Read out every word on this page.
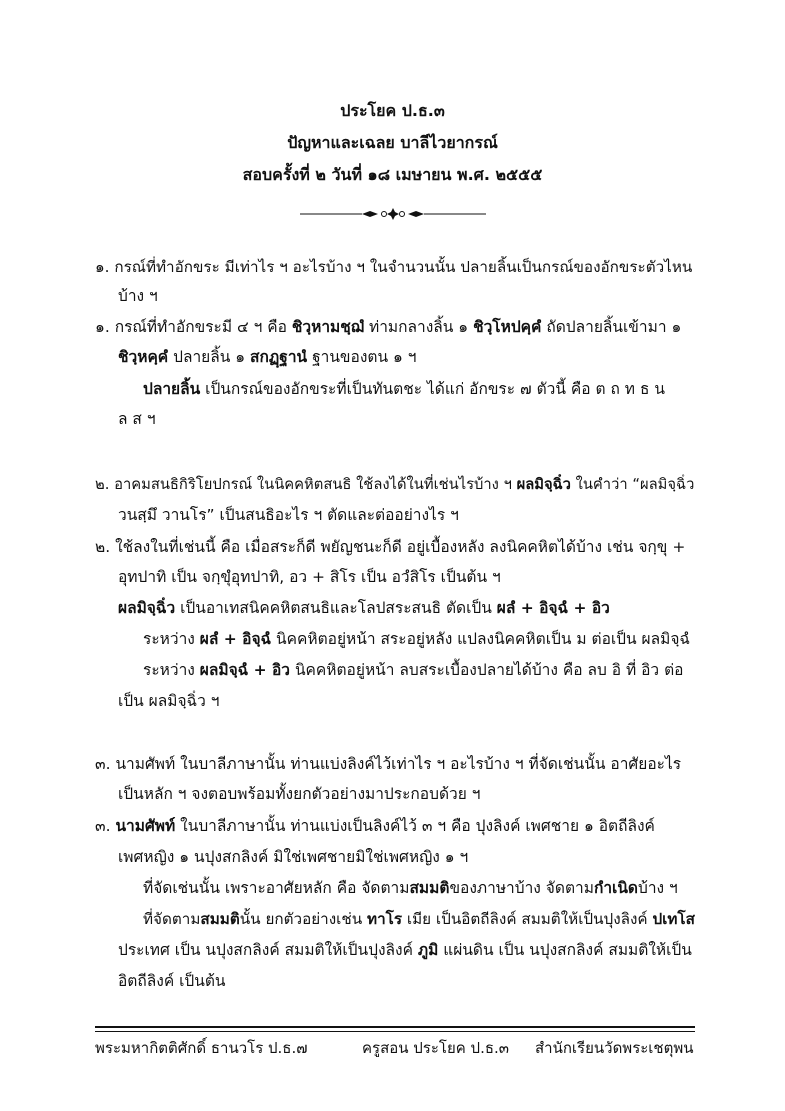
ประโยค ป.ธ.๓
ปัญหาและเฉลย บาลีไวยากรณ์
สอบครั้งที่ ๒ วันที่ ๑๘ เมษายน พ.ศ. ๒๕๕๕
๑. กรณ์ที่ทำอักขระ มีเท่าไร ฯ อะไรบ้าง ฯ ในจำนวนนั้น ปลายลิ้นเป็นกรณ์ของอักขระตัวไหน
บ้าง ฯ
๑. กรณ์ที่ทำอักขระมี ๔ ฯ คือ ชิวฺหามชฺฌํ ท่ามกลางลิ้น ๑ ชิวฺโหปคฺคํ ถัดปลายลิ้นเข้ามา ๑
ชิวฺหคฺคํ ปลายลิ้น ๑ สกฏฺฐานํ ฐานของตน ๑ ฯ
ปลายลิ้น เป็นกรณ์ของอักขระที่เป็นทันตชะ ได้แก่ อักขระ ๗ ตัวนี้ คือ ต ถ ท ธ น
ล ส ฯ
๒. อาคมสนธิกิริโยปกรณ์ ในนิคคหิตสนธิ ใช้ลงได้ในที่เช่นไรบ้าง ฯ ผลมิจฺฉิํว ในคำว่า “ผลมิจฺฉิํว
วนสฺมึ วานโร” เป็นสนธิอะไร ฯ ตัดและต่ออย่างไร ฯ
๒. ใช้ลงในที่เช่นนี้ คือ เมื่อสระก็ดี พยัญชนะก็ดี อยู่เบื้องหลัง ลงนิคคหิตได้บ้าง เช่น จกฺขุ +
อุทปาทิ เป็น จกฺขุํอุทปาทิ, อว + สิโร เป็น อวํสิโร เป็นต้น ฯ
ผลมิจฺฉิํว เป็นอาเทสนิคคหิตสนธิและโลปสระสนธิ ตัดเป็น ผลํ + อิจฺฉํ + อิว
ระหว่าง ผลํ + อิจฺฉํ นิคคหิตอยู่หน้า สระอยู่หลัง แปลงนิคคหิตเป็น ม ต่อเป็น ผลมิจฺฉํ
ระหว่าง ผลมิจฺฉํ + อิว นิคคหิตอยู่หน้า ลบสระเบื้องปลายได้บ้าง คือ ลบ อิ ที่ อิว ต่อ
เป็น ผลมิจฺฉิํว ฯ
๓. นามศัพท์ ในบาลีภาษานั้น ท่านแบ่งลิงค์ไว้เท่าไร ฯ อะไรบ้าง ฯ ที่จัดเช่นนั้น อาศัยอะไร
เป็นหลัก ฯ จงตอบพร้อมทั้งยกตัวอย่างมาประกอบด้วย ฯ
๓. นามศัพท์ ในบาลีภาษานั้น ท่านแบ่งเป็นลิงค์ไว้ ๓ ฯ คือ ปุงลิงค์ เพศชาย ๑ อิตถีลิงค์
เพศหญิง ๑ นปุงสกลิงค์ มิใช่เพศชายมิใช่เพศหญิง ๑ ฯ
ที่จัดเช่นนั้น เพราะอาศัยหลัก คือ จัดตามสมมติของภาษาบ้าง จัดตามกำเนิดบ้าง ฯ
ที่จัดตามสมมตินั้น ยกตัวอย่างเช่น ทาโร เมีย เป็นอิตถีลิงค์ สมมติให้เป็นปุงลิงค์ ปเทโส
ประเทศ เป็น นปุงสกลิงค์ สมมติให้เป็นปุงลิงค์ ภูมิ แผ่นดิน เป็น นปุงสกลิงค์ สมมติให้เป็น
อิตถีลิงค์ เป็นต้น
พระมหากิตติศักดิ์ ธานวโร ป.ธ.๗	ครูสอน ประโยค ป.ธ.๓ สำนักเรียนวัดพระเชตุพน
